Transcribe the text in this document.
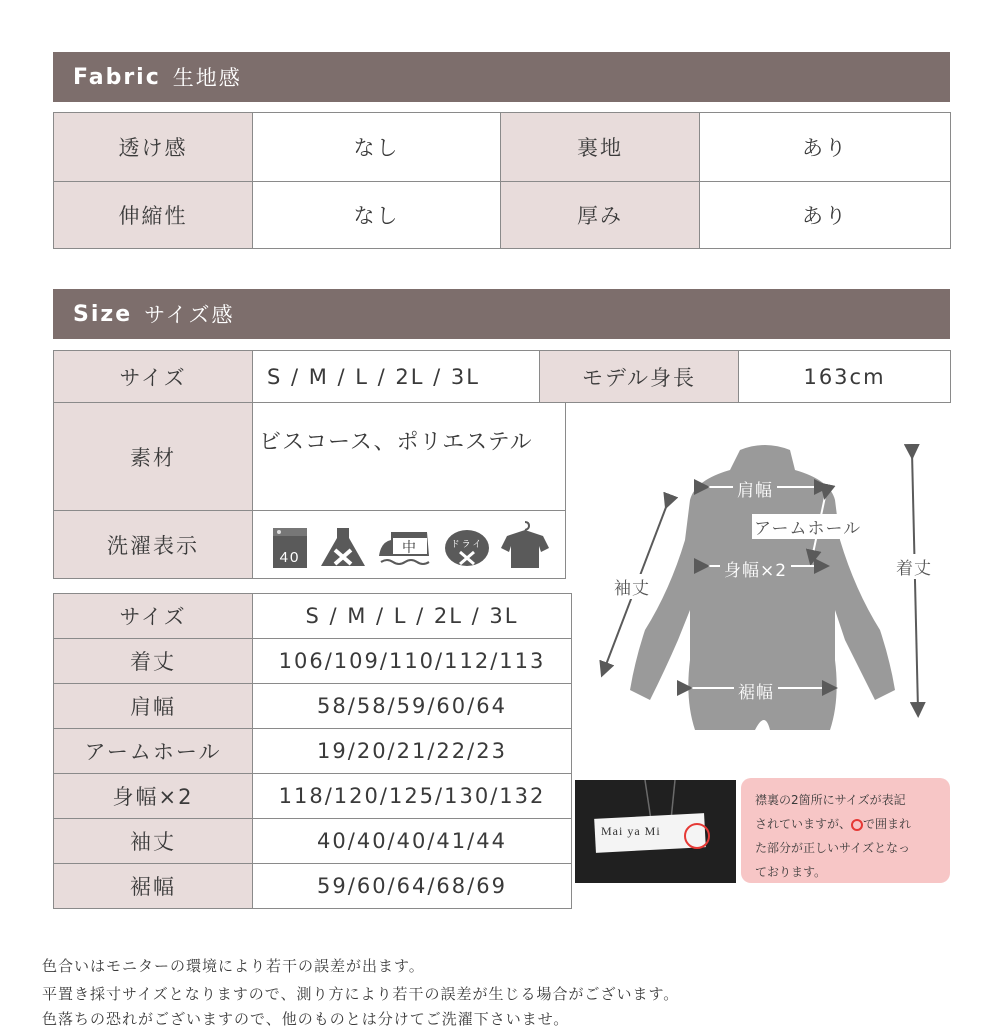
Fabric 生地感
透け感	なし	裏地	あり
伸縮性	なし	厚み	あり
Size サイズ感
サイズ	S / M / L / 2L / 3L	モデル身長	163cm
素材	ビスコース、ポリエステル
洗濯表示	40
中 ドライ
サイズ	S / M / L / 2L / 3L
着丈	106/109/110/112/113
肩幅	58/58/59/60/64
アームホール	19/20/21/22/23
身幅×2	118/120/125/130/132
袖丈	40/40/40/41/44
裾幅	59/60/64/68/69
肩幅
アームホール
身幅×2
袖丈
着丈
裾幅
Mai ya Mi
襟裏の2箇所にサイズが表記
されていますが、 で囲まれ
た部分が正しいサイズとなっ
ております。
色合いはモニターの環境により若干の誤差が出ます。
平置き採寸サイズとなりますので、測り方により若干の誤差が生じる場合がございます。
色落ちの恐れがございますので、他のものとは分けてご洗濯下さいませ。
